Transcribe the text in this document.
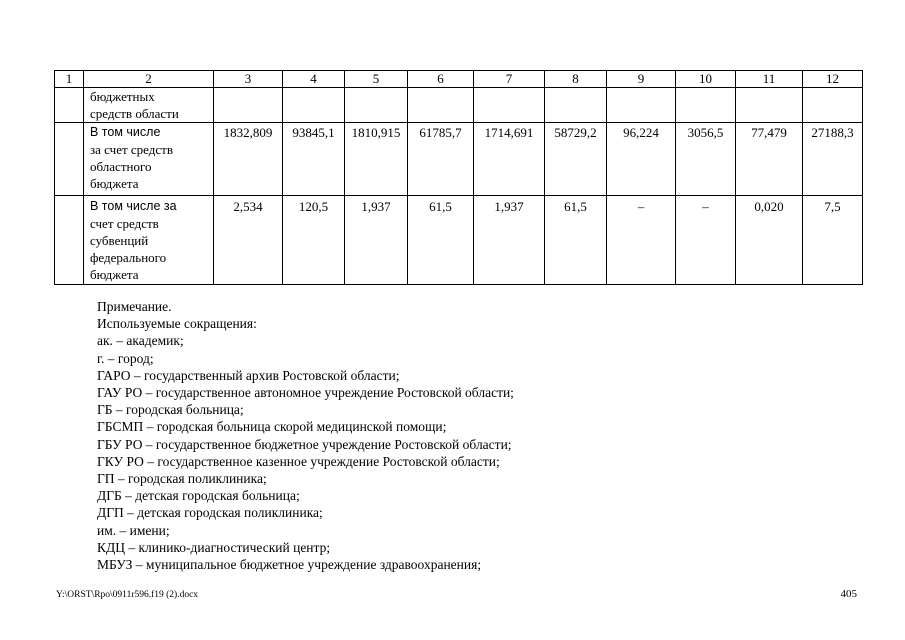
1	2	3	4	5	6	7	8	9	10	11	12

	бюджетных
средств области										

	В том числе
за счет средств
областного
бюджета	1832,809	93845,1	1810,915	61785,7	1714,691	58729,2	96,224	3056,5	77,479	27188,3

	В том числе за
счет средств
субвенций
федерального
бюджета	2,534	120,5	1,937	61,5	1,937	61,5	–	–	0,020	7,5
Примечание.
Используемые сокращения:
ак. – академик;
г. – город;
ГАРО – государственный архив Ростовской области;
ГАУ РО – государственное автономное учреждение Ростовской области;
ГБ – городская больница;
ГБСМП – городская больница скорой медицинской помощи;
ГБУ РО – государственное бюджетное учреждение Ростовской области;
ГКУ РО – государственное казенное учреждение Ростовской области;
ГП – городская поликлиника;
ДГБ – детская городская больница;
ДГП – детская городская поликлиника;
им. – имени;
КДЦ – клинико-диагностический центр;
МБУЗ – муниципальное бюджетное учреждение здравоохранения;
Y:\ORST\Rpo\0911r596.f19 (2).docx	405
